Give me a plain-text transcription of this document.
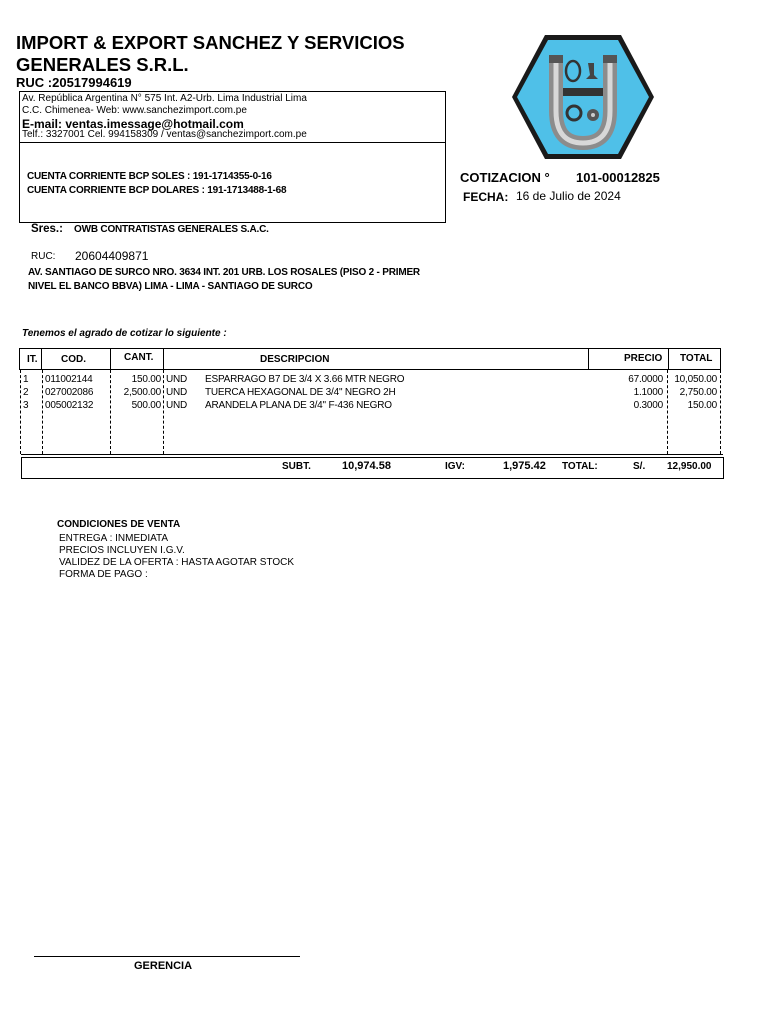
IMPORT & EXPORT SANCHEZ Y SERVICIOS GENERALES S.R.L.
RUC :20517994619
Av. República Argentina N° 575 Int. A2-Urb. Lima Industrial Lima
C.C. Chimenea- Web: www.sanchezimport.com.pe
E-mail: ventas.imessage@hotmail.com
Telf.: 3327001 Cel. 994158309 / ventas@sanchezimport.com.pe
CUENTA CORRIENTE BCP SOLES : 191-1714355-0-16
CUENTA CORRIENTE BCP DOLARES : 191-1713488-1-68
COTIZACION ° 101-00012825
FECHA: 16 de Julio de 2024
Sres.: OWB CONTRATISTAS GENERALES S.A.C.
RUC: 20604409871
AV. SANTIAGO DE SURCO NRO. 3634 INT. 201 URB. LOS ROSALES (PISO 2 - PRIMER NIVEL EL BANCO BBVA) LIMA - LIMA - SANTIAGO DE SURCO
Tenemos el agrado de cotizar lo siguiente :
IT. COD.	CANT.	DESCRIPCION	PRECIO TOTAL
1 011002144	150.00 UND ESPARRAGO B7 DE 3/4 X 3.66 MTR NEGRO	67.0000	10,050.00
2 027002086	2,500.00 UND TUERCA HEXAGONAL DE 3/4" NEGRO 2H	1.1000	2,750.00
3 005002132	500.00 UND ARANDELA PLANA DE 3/4" F-436 NEGRO	0.3000	150.00
SUBT.	10,974.58	IGV:	1,975.42 TOTAL:	S/. 12,950.00
CONDICIONES DE VENTA
ENTREGA : INMEDIATA
PRECIOS INCLUYEN I.G.V.
VALIDEZ DE LA OFERTA : HASTA AGOTAR STOCK
FORMA DE PAGO :
GERENCIA
